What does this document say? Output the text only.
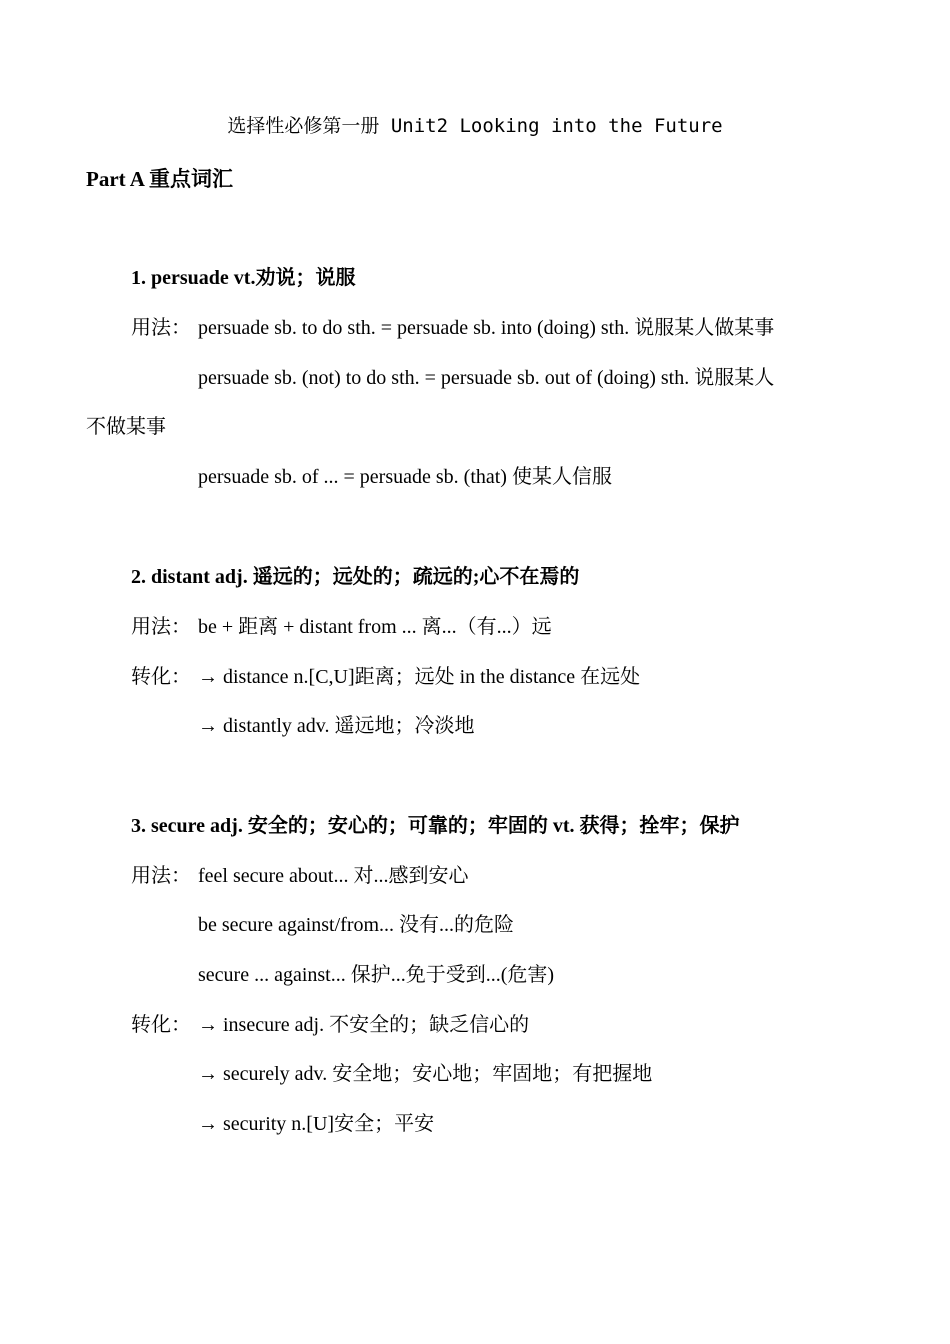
选择性必修第一册 Unit2 Looking into the Future
Part A 重点词汇
1. persuade vt.劝说；说服
用法： persuade sb. to do sth. = persuade sb. into (doing) sth. 说服某人做某事
persuade sb. (not) to do sth. = persuade sb. out of (doing) sth. 说服某人
不做某事
persuade sb. of ... = persuade sb. (that) 使某人信服
2. distant adj. 遥远的；远处的；疏远的;心不在焉的
用法： be + 距离 + distant from ... 离...（有...）远
转化： → distance n.[C,U]距离；远处 in the distance 在远处
→ distantly adv. 遥远地；冷淡地
3. secure adj. 安全的；安心的；可靠的；牢固的 vt. 获得；拴牢；保护
用法： feel secure about... 对...感到安心
be secure against/from... 没有...的危险
secure ... against... 保护...免于受到...(危害)
转化： → insecure adj. 不安全的；缺乏信心的
→ securely adv. 安全地；安心地；牢固地；有把握地
→ security n.[U]安全；平安
